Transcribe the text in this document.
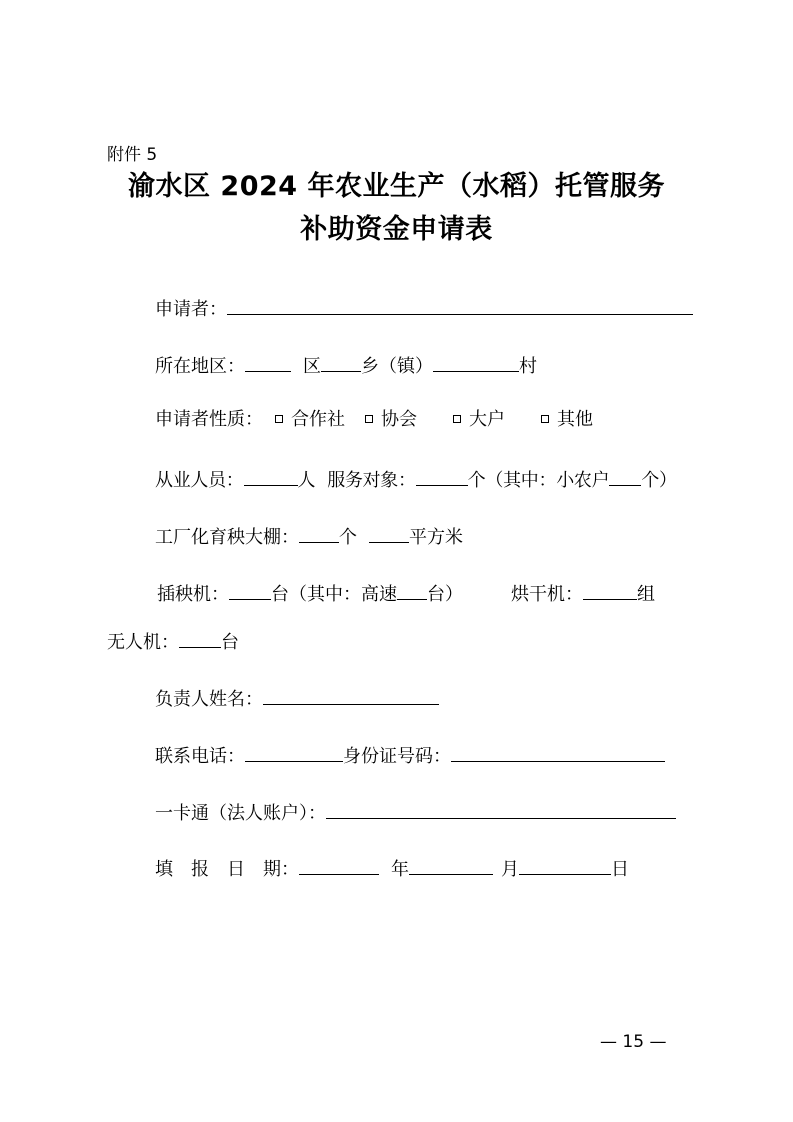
附件 5
渝水区 2024 年农业生产（水稻）托管服务
补助资金申请表
申请者：
所在地区：	区 乡（镇）	村
申请者性质： 合作社 协会	大户	其他
从业人员：	人 服务对象：	个（其中：小农户 个）
工厂化育秧大棚： 个	平方米
插秧机： 台（其中：高速 台）	烘干机：	组
无人机： 台
负责人姓名：
联系电话：	身份证号码：
一卡通（法人账户）：
填　报　日　期：	年	月	日
— 15 —
